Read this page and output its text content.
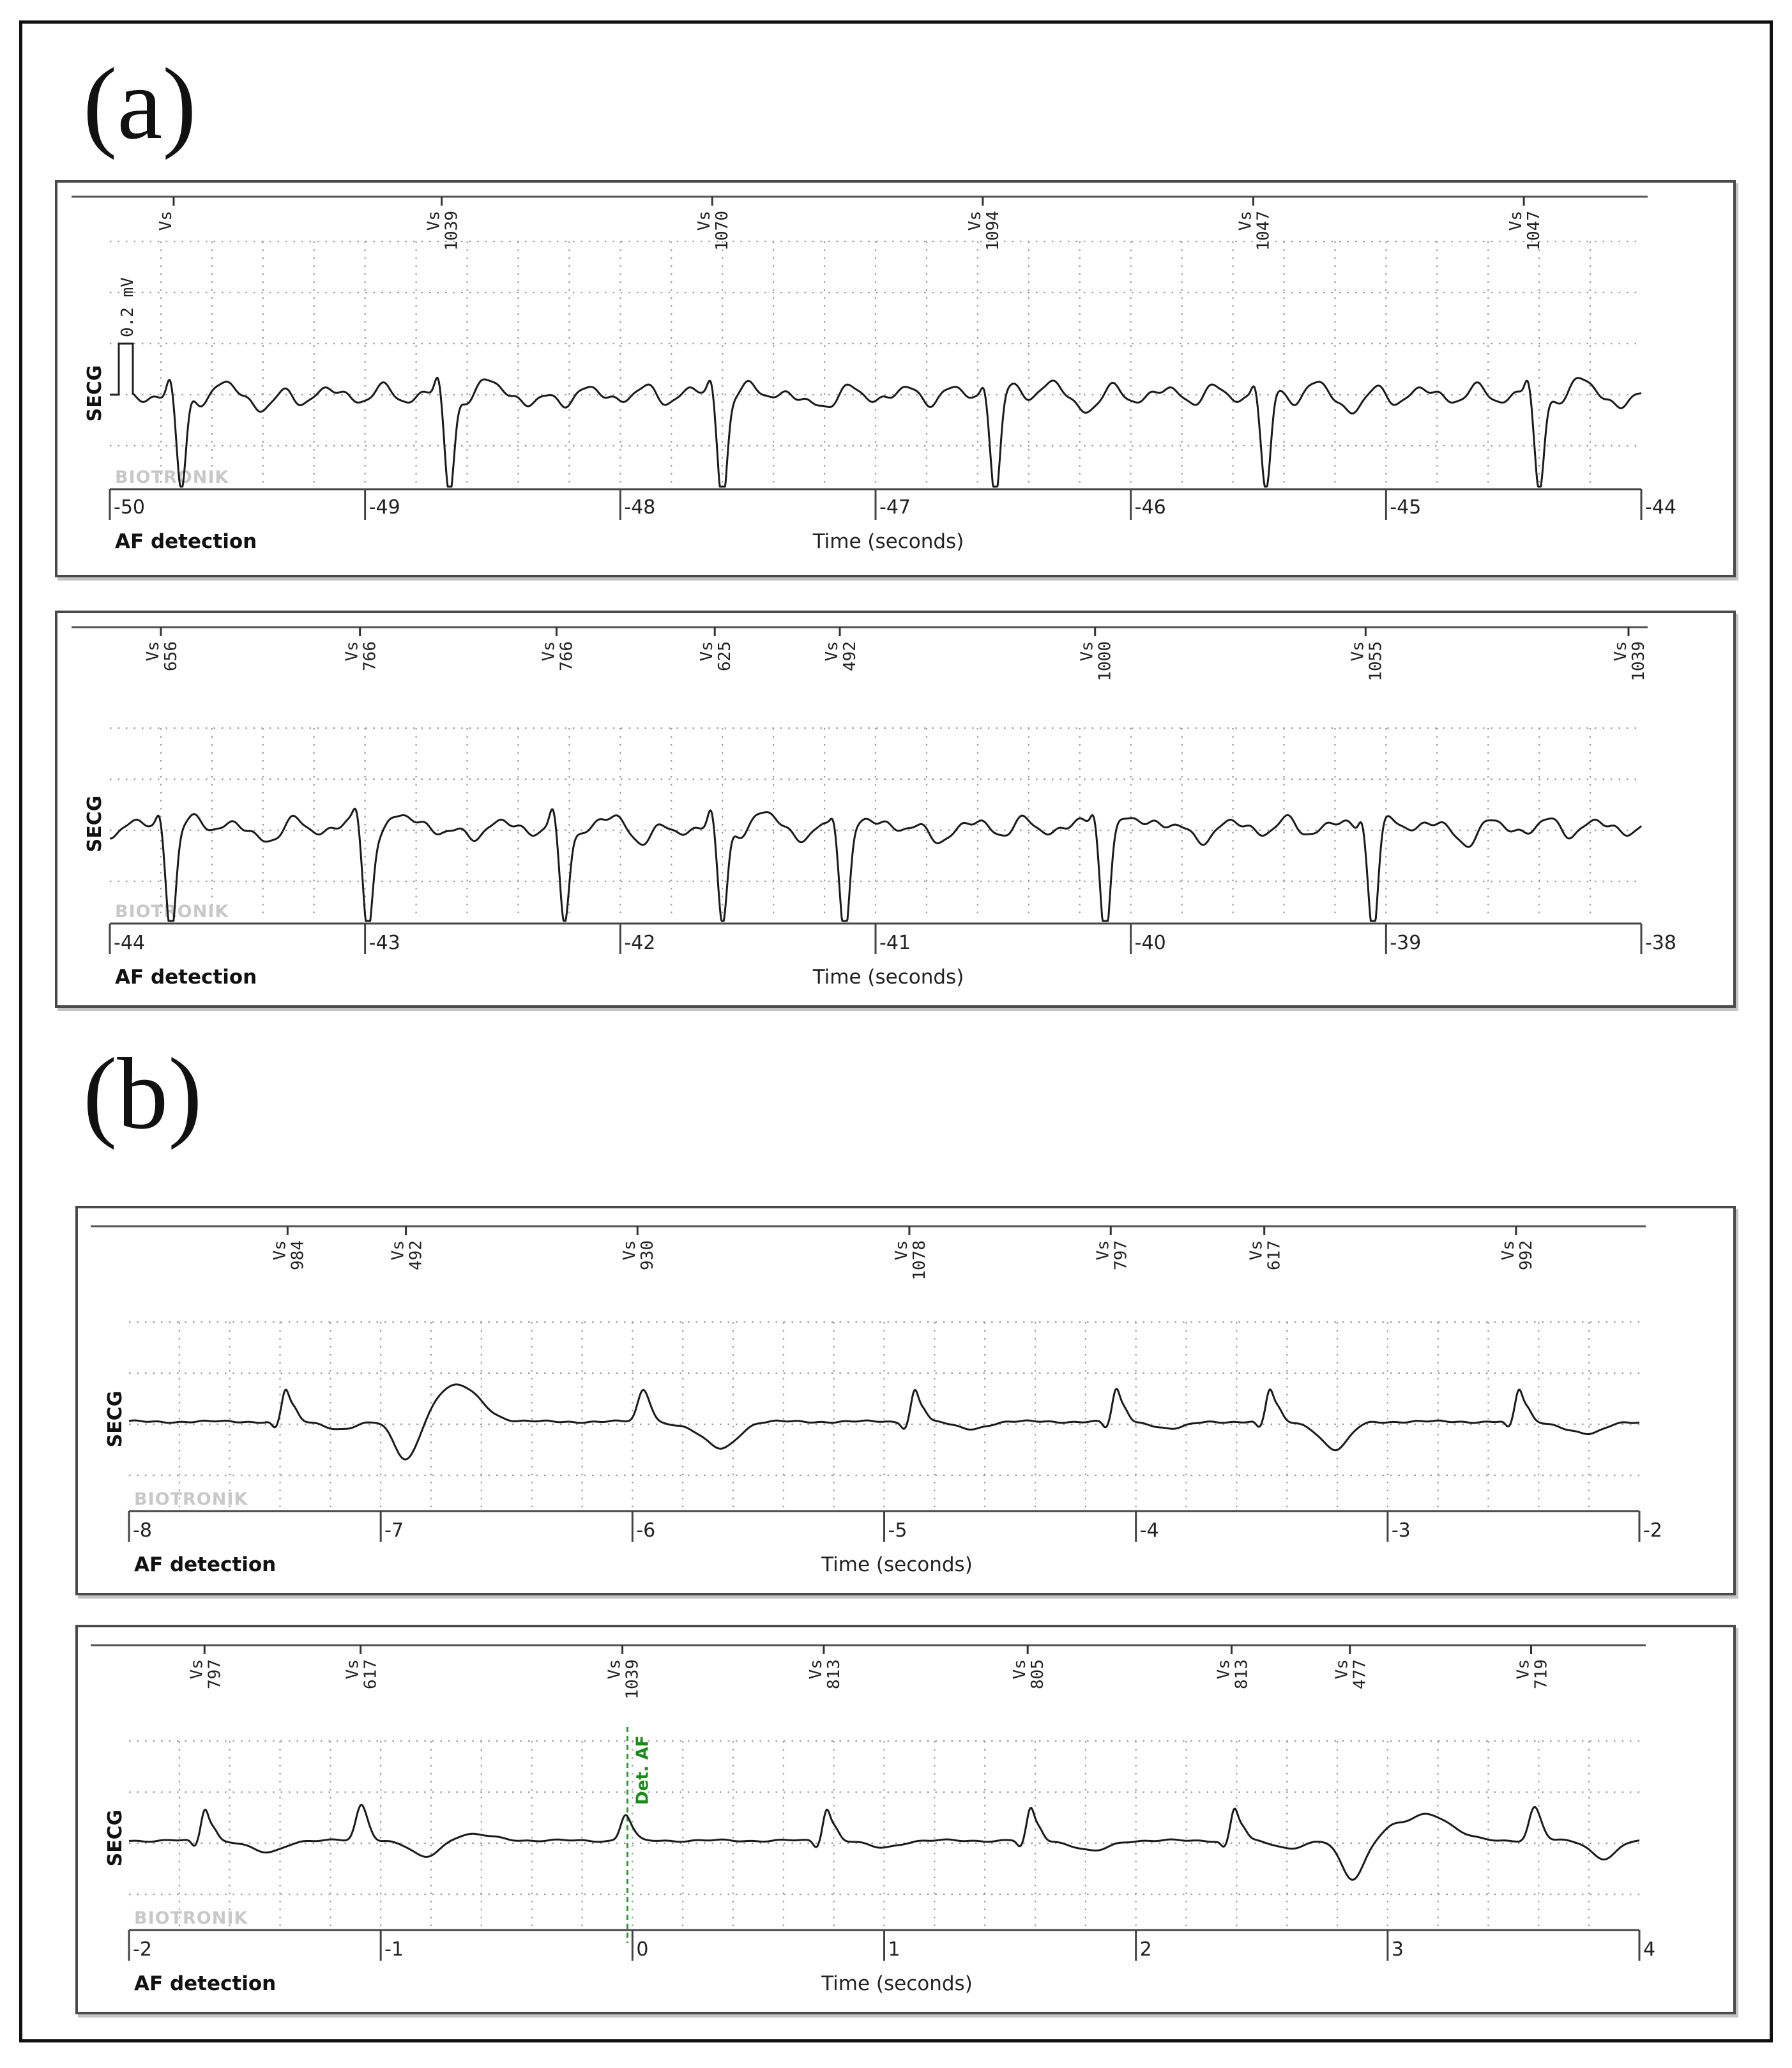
(a)
(b)
Vs	Vs
1039	Vs
1070	Vs
1094	Vs
1047	Vs
1047
-50	-49	-48	-47	-46	-45	-44
AF detection	Time (seconds)
SECG
BIOTRONIK
0.2 mV
Vs
656	Vs
766	Vs
766	Vs
625	Vs
492	Vs
1000	Vs
1055	Vs
1039
-44	-43	-42	-41	-40	-39	-38
AF detection	Time (seconds)
SECG
BIOTRONIK
Vs
984	Vs
492	Vs
930	Vs
1078	Vs
797	Vs
617	Vs
992
-8	-7	-6	-5	-4	-3	-2
AF detection	Time (seconds)
SECG
BIOTRONIK
Vs
797	Vs
617	Vs
1039	Vs
813	Vs
805	Vs
813	Vs
477	Vs
719
-2	-1	0	1	2	3	4
AF detection	Time (seconds)
SECG
BIOTRONIK
Det. AF
